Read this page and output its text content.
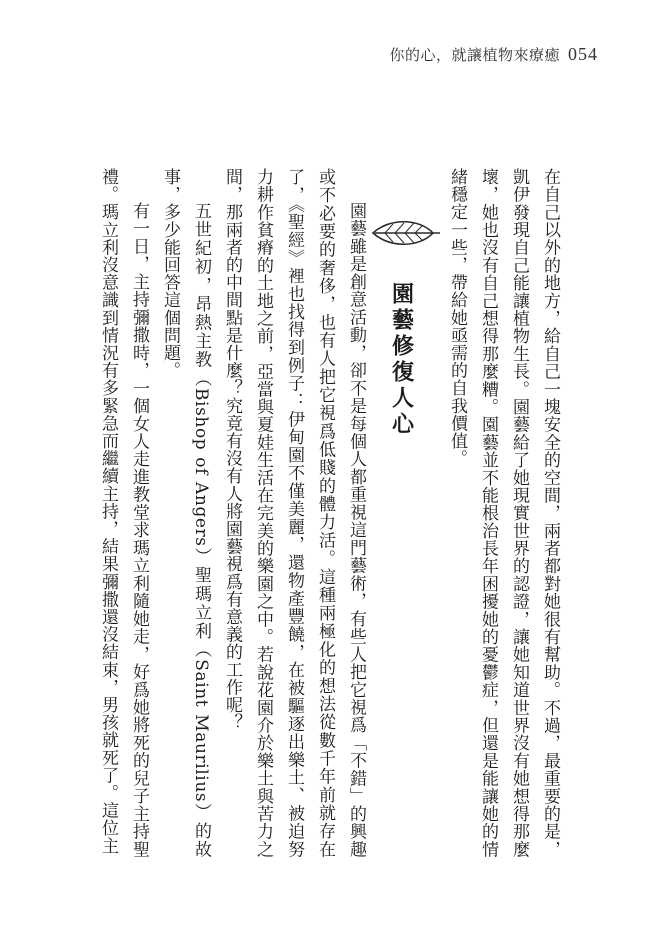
你的心，就讓植物來療癒 054

在自己以外的地方，給自己一塊安全的空間，兩者都對她很有幫助。不過，最重要的是，凱伊發現自己能讓植物生長。園藝給了她現實世界的認證，讓她知道世界沒有她想得那麼壞，她也沒有自己想得那麼糟。園藝並不能根治長年困擾她的憂鬱症，但還是能讓她的情緒穩定一些，帶給她亟需的自我價值。

園藝修復人心

園藝雖是創意活動，卻不是每個人都重視這門藝術，有些人把它視爲「不錯」的興趣或不必要的奢侈，也有人把它視爲低賤的體力活。這種兩極化的想法從數千年前就存在了，《聖經》裡也找得到例子：伊甸園不僅美麗，還物產豐饒，在被驅逐出樂土、被迫努力耕作貧瘠的土地之前，亞當與夏娃生活在完美的樂園之中。若說花園介於樂土與苦力之間，那兩者的中間點是什麼？究竟有沒有人將園藝視爲有意義的工作呢？

五世紀初，昂熱主教（Bishop of Angers）聖瑪立利（Saint Maurilius）的故事，多少能回答這個問題。

有一日，主持彌撒時，一個女人走進教堂求瑪立利隨她走，好爲她將死的兒子主持聖禮。瑪立利沒意識到情況有多緊急而繼續主持，結果彌撒還沒結束，男孩就死了。這位主
